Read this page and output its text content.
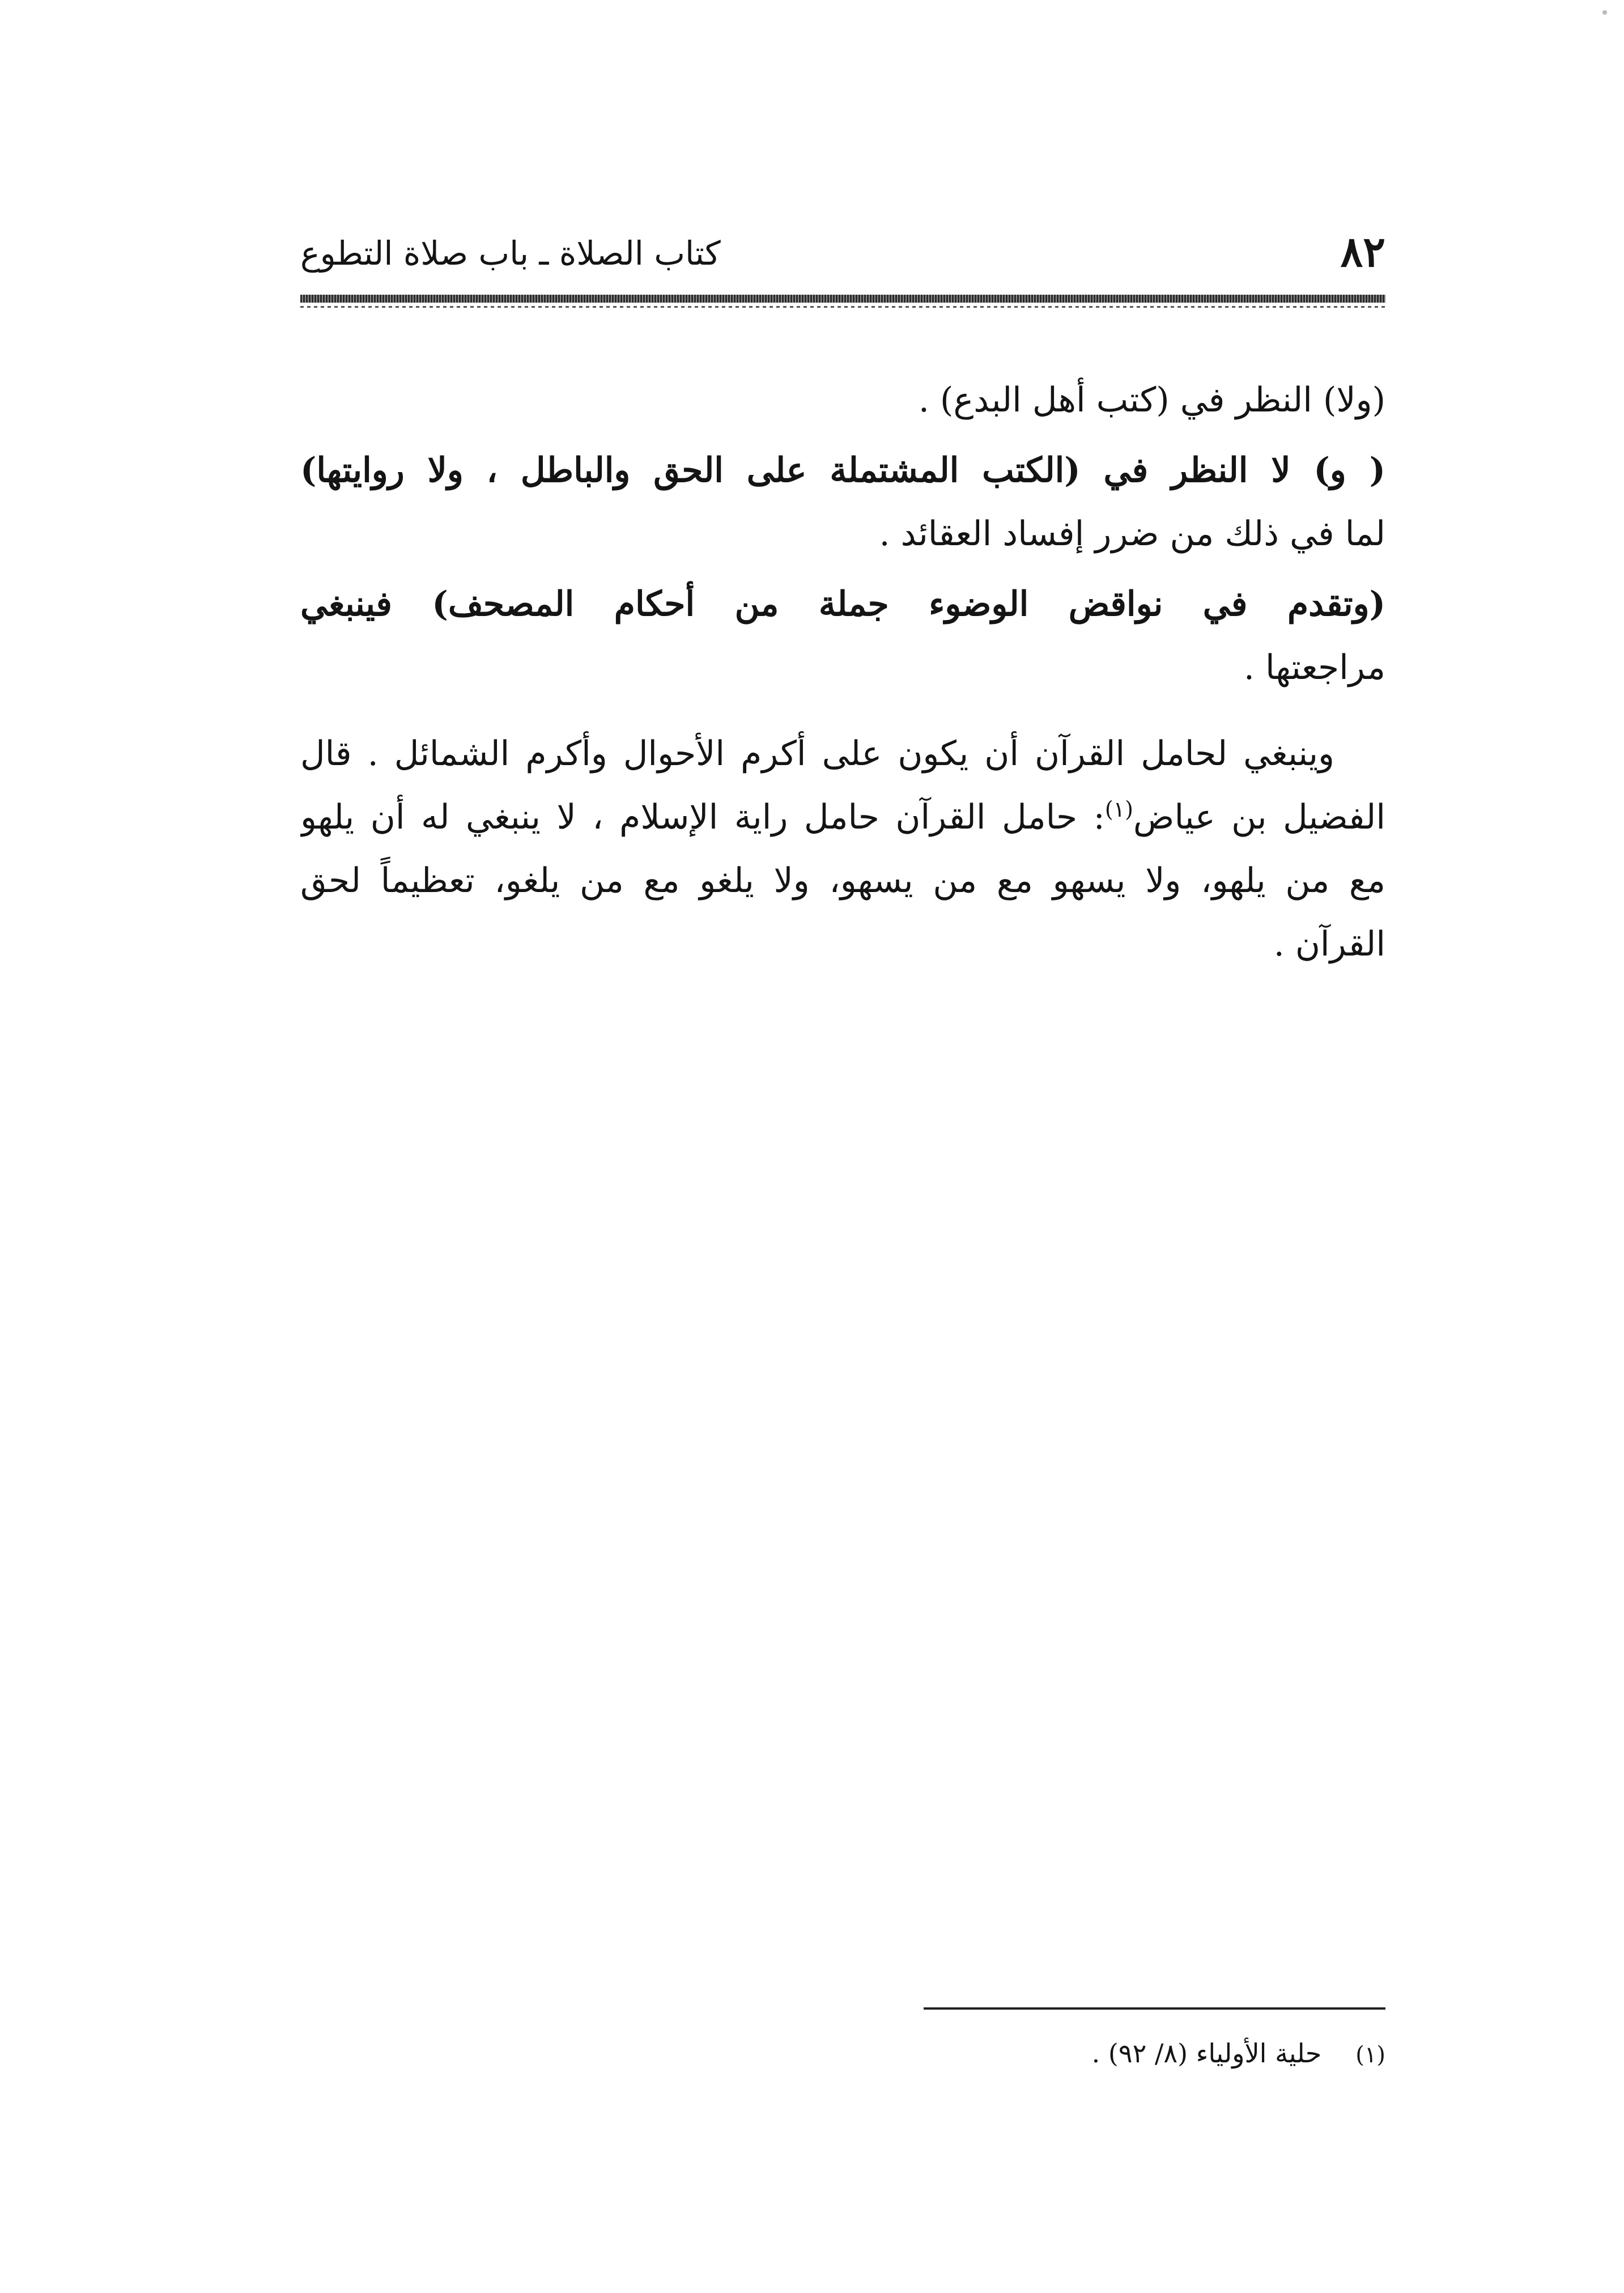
٨٢
كتاب الصلاة ـ باب صلاة التطوع
(ولا) النظر في (كتب أهل البدع) .
( و) لا النظر في (الكتب المشتملة على الحق والباطل ، ولا روايتها)
لما في ذلك من ضرر إفساد العقائد .
(وتقدم في نواقض الوضوء جملة من أحكام المصحف) فينبغي
مراجعتها .
وينبغي لحامل القرآن أن يكون على أكرم الأحوال وأكرم الشمائل . قال
الفضيل بن عياض$^{(١)}$: حامل القرآن حامل راية الإسلام ، لا ينبغي له أن يلهو
مع من يلهو، ولا يسهو مع من يسهو، ولا يلغو مع من يلغو، تعظيماً لحق
القرآن .
(١)حلية الأولياء (٨/ ٩٢) .
